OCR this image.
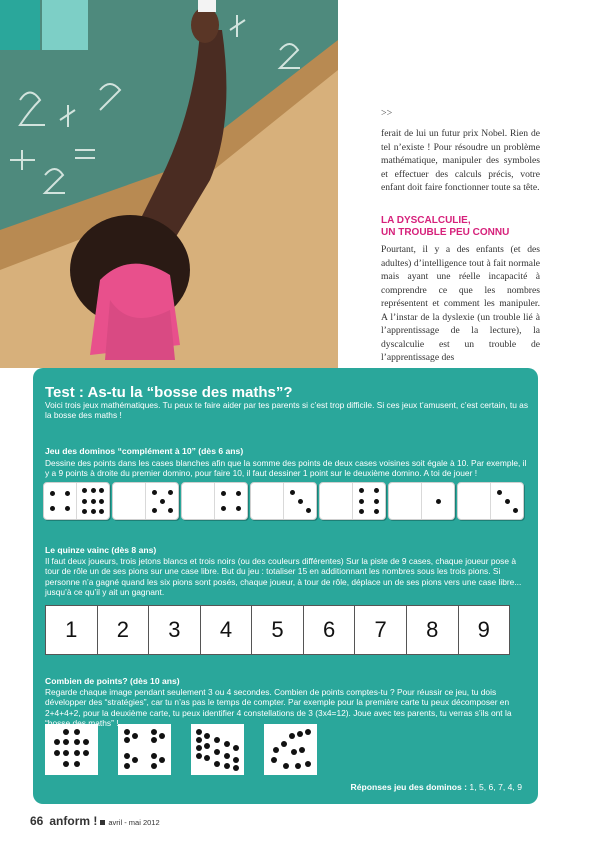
>>
ferait de lui un futur prix Nobel. Rien de tel n’existe ! Pour résoudre un problème mathématique, manipuler des symboles et effectuer des calculs précis, votre enfant doit faire fonctionner toute sa tête.
LA DYSCALCULIE,
UN TROUBLE PEU CONNU
Pourtant, il y a des enfants (et des adultes) d’intelligence tout à fait normale mais ayant une réelle incapacité à comprendre ce que les nombres représentent et comment les manipuler. A l’instar de la dyslexie (un trouble lié à l’apprentissage de la lecture), la dyscalculie est un trouble de l’apprentissage des
Test : As-tu la “bosse des maths”?
Voici trois jeux mathématiques. Tu peux te faire aider par tes parents si c’est trop difficile. Si ces jeux t’amusent, c’est certain, tu as la bosse des maths !
Jeu des dominos “complément à 10” (dès 6 ans)
Dessine des points dans les cases blanches afin que la somme des points de deux cases voisines soit égale à 10. Par exemple, il y a 9 points à droite du premier domino, pour faire 10, il faut dessiner 1 point sur le deuxième domino. A toi de jouer !
Le quinze vainc (dès 8 ans)
Il faut deux joueurs, trois jetons blancs et trois noirs (ou des couleurs différentes) Sur la piste de 9 cases, chaque joueur pose à tour de rôle un de ses pions sur une case libre. But du jeu : totaliser 15 en additionnant les nombres sous les trois pions. Si personne n’a gagné quand les six pions sont posés, chaque joueur, à tour de rôle, déplace un de ses pions vers une case libre... jusqu’à ce qu’il y ait un gagnant.
1	2	3	4	5	6	7	8	9
Combien de points? (dès 10 ans)
Regarde chaque image pendant seulement 3 ou 4 secondes. Combien de points comptes-tu ? Pour réussir ce jeu, tu dois développer des “stratégies”, car tu n’as pas le temps de compter. Par exemple pour la première carte tu peux décomposer en 2+4+4+2, pour la deuxième carte, tu peux identifier 4 constellations de 3 (3x4=12). Joue avec tes parents, tu verras s’ils ont la maths”
Réponses jeu des dominos : 1, 5, 6, 7, 4, 9
66 anform ! avril - mai 2012
